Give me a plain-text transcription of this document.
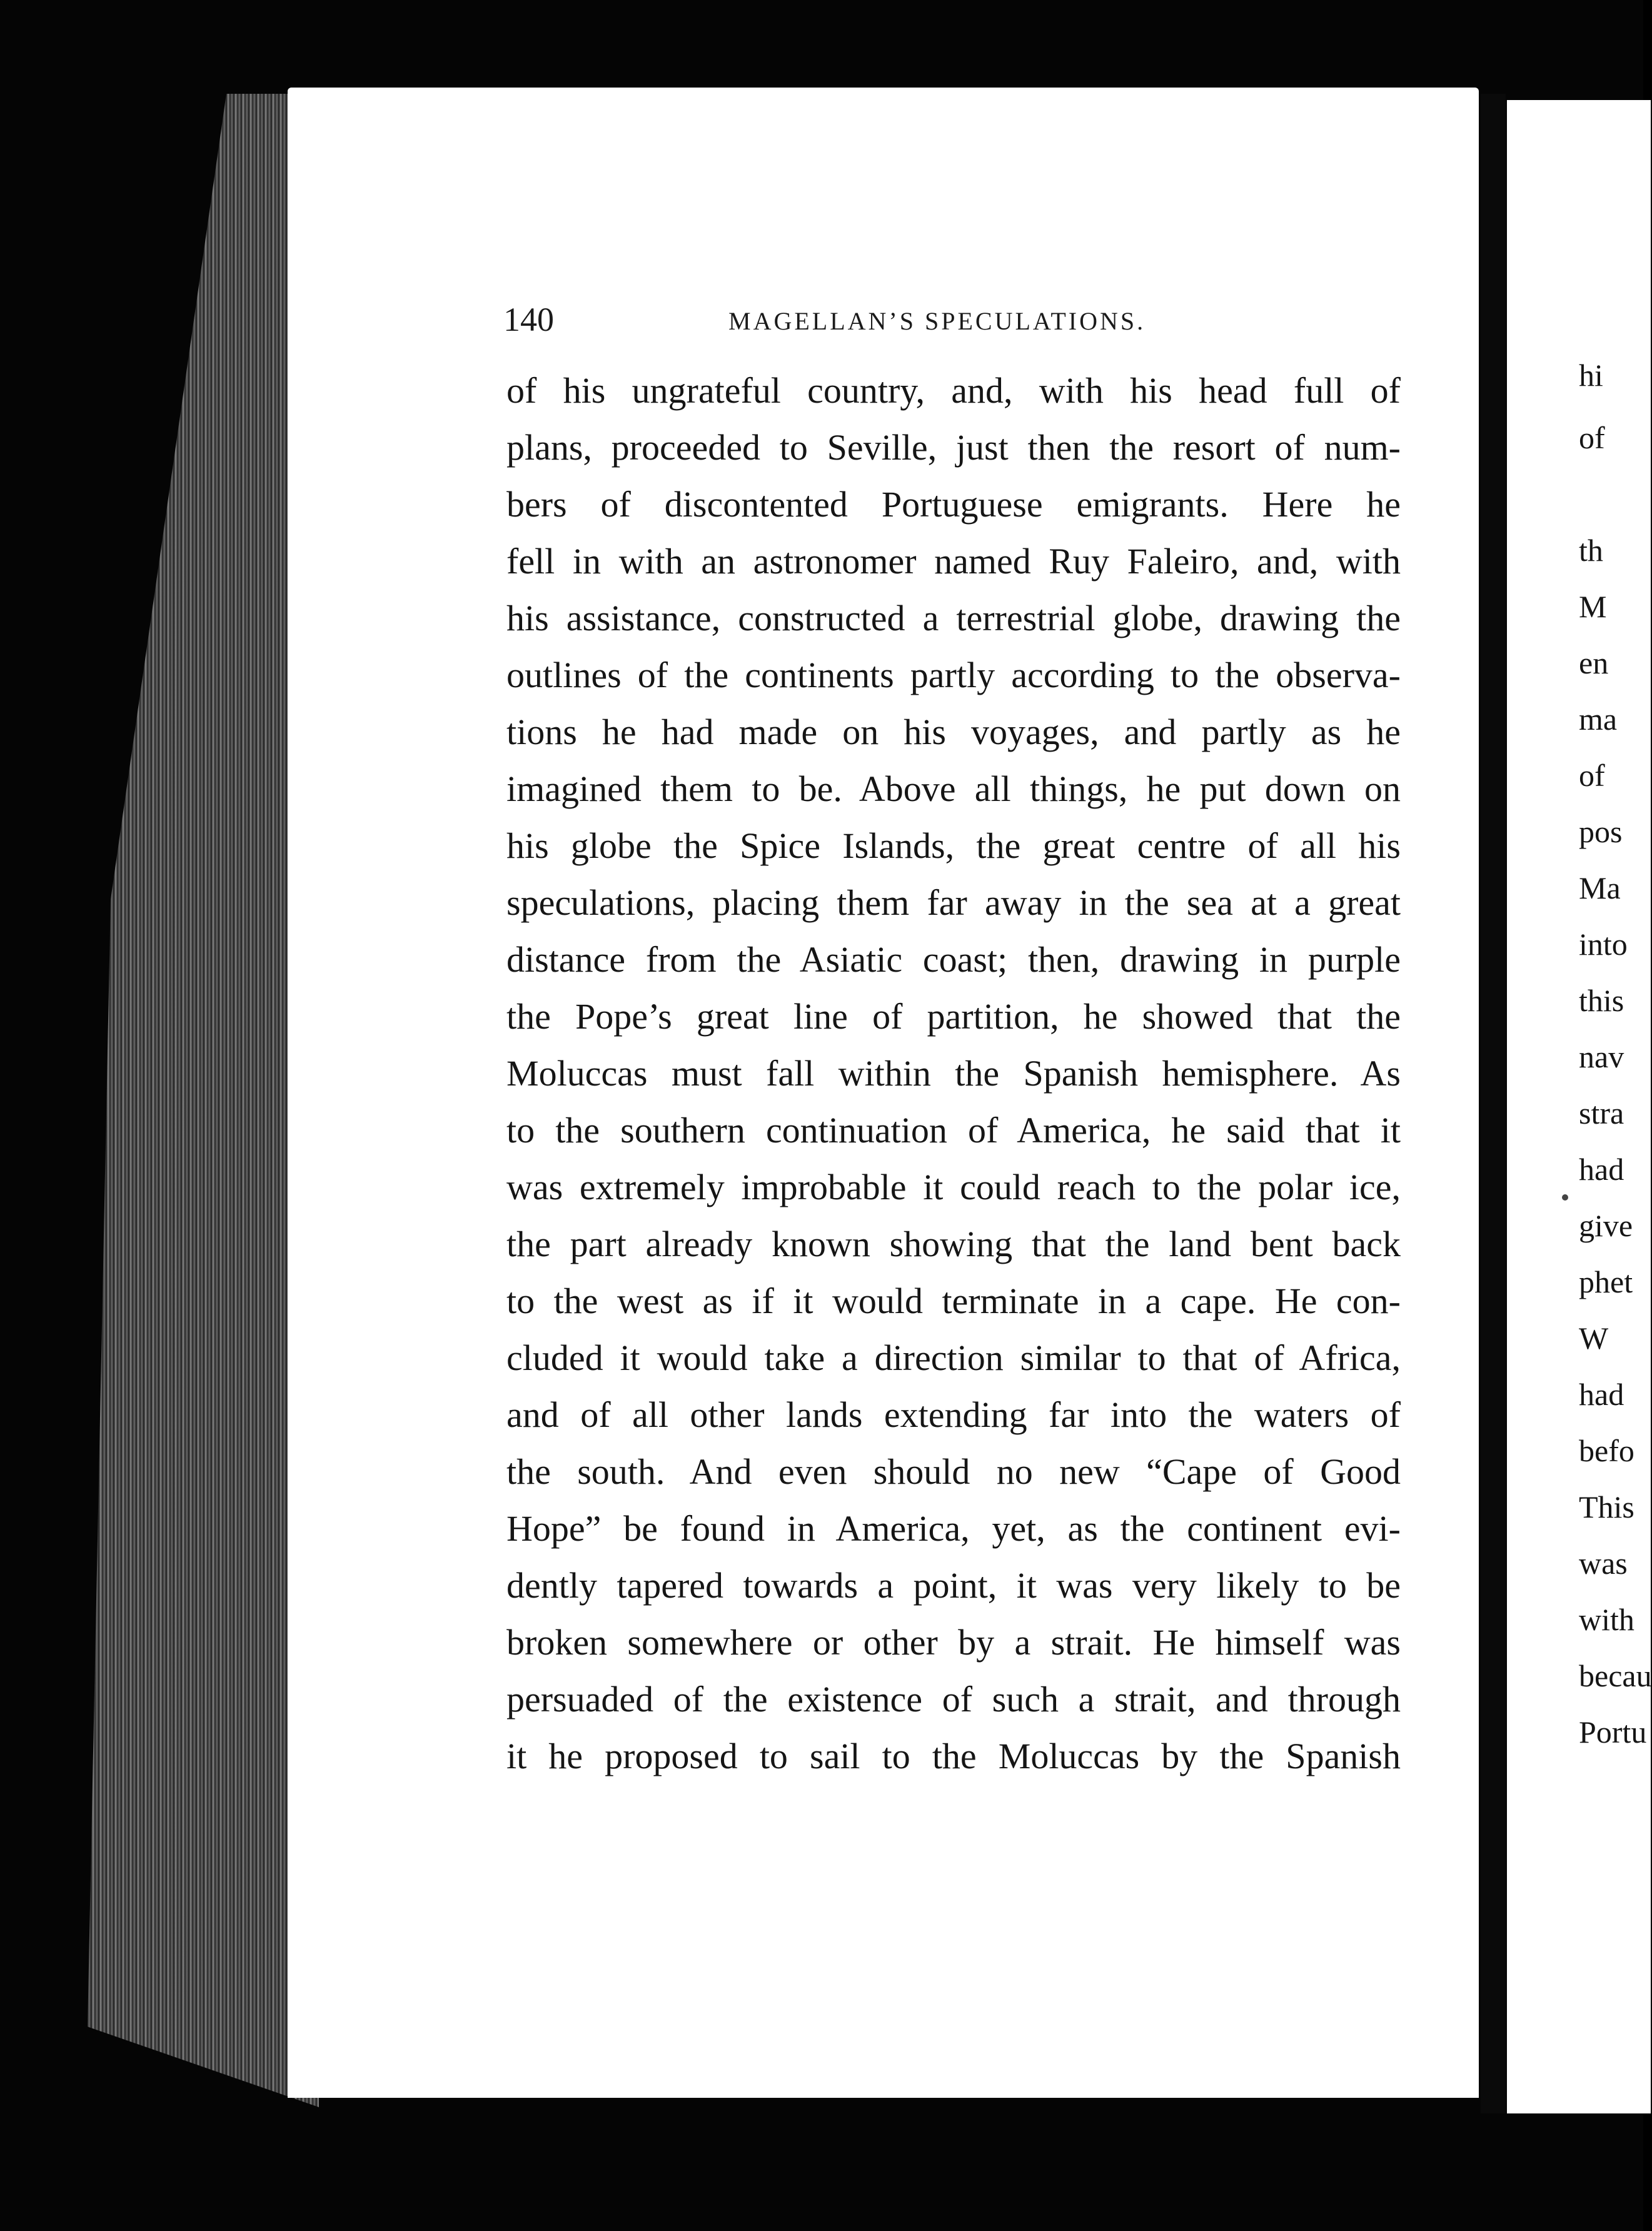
140	MAGELLAN’S SPECULATIONS.
of his ungrateful country, and, with his head full of
plans, proceeded to Seville, just then the resort of num-
bers of discontented Portuguese emigrants. Here he
fell in with an astronomer named Ruy Faleiro, and, with
his assistance, constructed a terrestrial globe, drawing the
outlines of the continents partly according to the observa-
tions he had made on his voyages, and partly as he
imagined them to be. Above all things, he put down on
his globe the Spice Islands, the great centre of all his
speculations, placing them far away in the sea at a great
distance from the Asiatic coast; then, drawing in purple
the Pope’s great line of partition, he showed that the
Moluccas must fall within the Spanish hemisphere. As
to the southern continuation of America, he said that it
was extremely improbable it could reach to the polar ice,
the part already known showing that the land bent back
to the west as if it would terminate in a cape. He con-
cluded it would take a direction similar to that of Africa,
and of all other lands extending far into the waters of
the south. And even should no new “Cape of Good
Hope” be found in America, yet, as the continent evi-
dently tapered towards a point, it was very likely to be
broken somewhere or other by a strait. He himself was
persuaded of the existence of such a strait, and through
it he proposed to sail to the Moluccas by the Spanish
hi
of
th
M
en
ma
of
pos
Ma
into
this
nav
stra
had
give
phet
W
had
befo
This
was
with
becau
Portu
